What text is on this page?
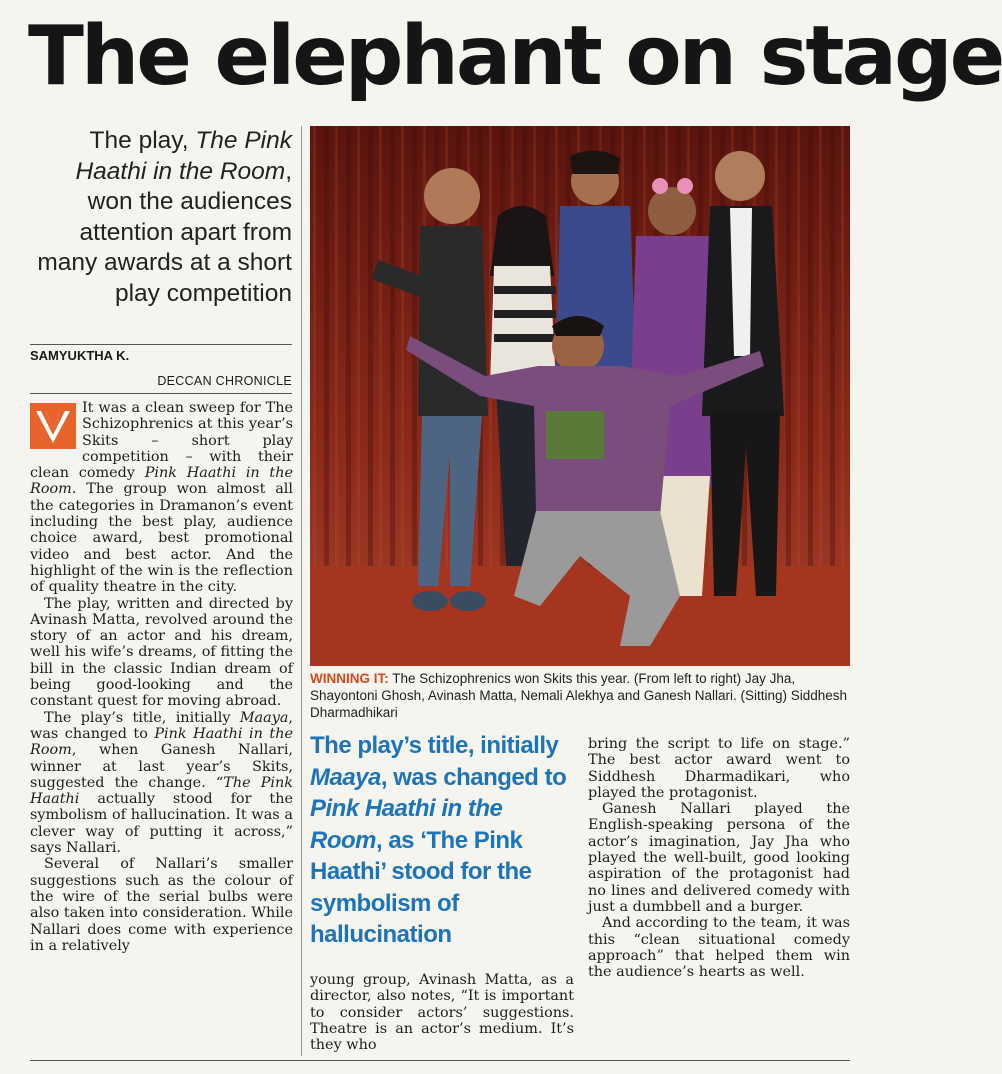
The elephant on stage
The play, The Pink Haathi in the Room, won the audiences attention apart from many awards at a short play competition
SAMYUKTHA K.
DECCAN CHRONICLE

It was a clean sweep for The Schizophrenics at this year’s Skits – short play competition – with their clean comedy Pink Haathi in the Room. The group won almost all the categories in Dramanon’s event including the best play, audience choice award, best promotional video and best actor. And the highlight of the win is the reflection of quality theatre in the city.

The play, written and directed by Avinash Matta, revolved around the story of an actor and his dream, well his wife’s dreams, of fitting the bill in the classic Indian dream of being good-looking and the constant quest for moving abroad.

The play’s title, initially Maaya, was changed to Pink Haathi in the Room, when Ganesh Nallari, winner at last year’s Skits, suggested the change. “The Pink Haathi actually stood for the symbolism of hallucination. It was a clever way of putting it across,” says Nallari.

Several of Nallari’s smaller suggestions such as the colour of the wire of the serial bulbs were also taken into consideration. While Nallari does come with experience in a relatively

WINNING IT: The Schizophrenics won Skits this year. (From left to right) Jay Jha, Shayontoni Ghosh, Avinash Matta, Nemali Alekhya and Ganesh Nallari. (Sitting) Siddhesh Dharmadhikari
The play’s title, initially Maaya, was changed to Pink Haathi in the Room, as ‘The Pink Haathi’ stood for the symbolism of hallucination

young group, Avinash Matta, as a director, also notes, “It is important to consider actors’ suggestions. Theatre is an actor’s medium. It’s they who

bring the script to life on stage.” The best actor award went to Siddhesh Dharmadikari, who played the protagonist.

Ganesh Nallari played the English-speaking persona of the actor’s imagination, Jay Jha who played the well-built, good looking aspiration of the protagonist had no lines and delivered comedy with just a dumbbell and a burger.

And according to the team, it was this “clean situational comedy approach” that helped them win the audience’s hearts as well.
